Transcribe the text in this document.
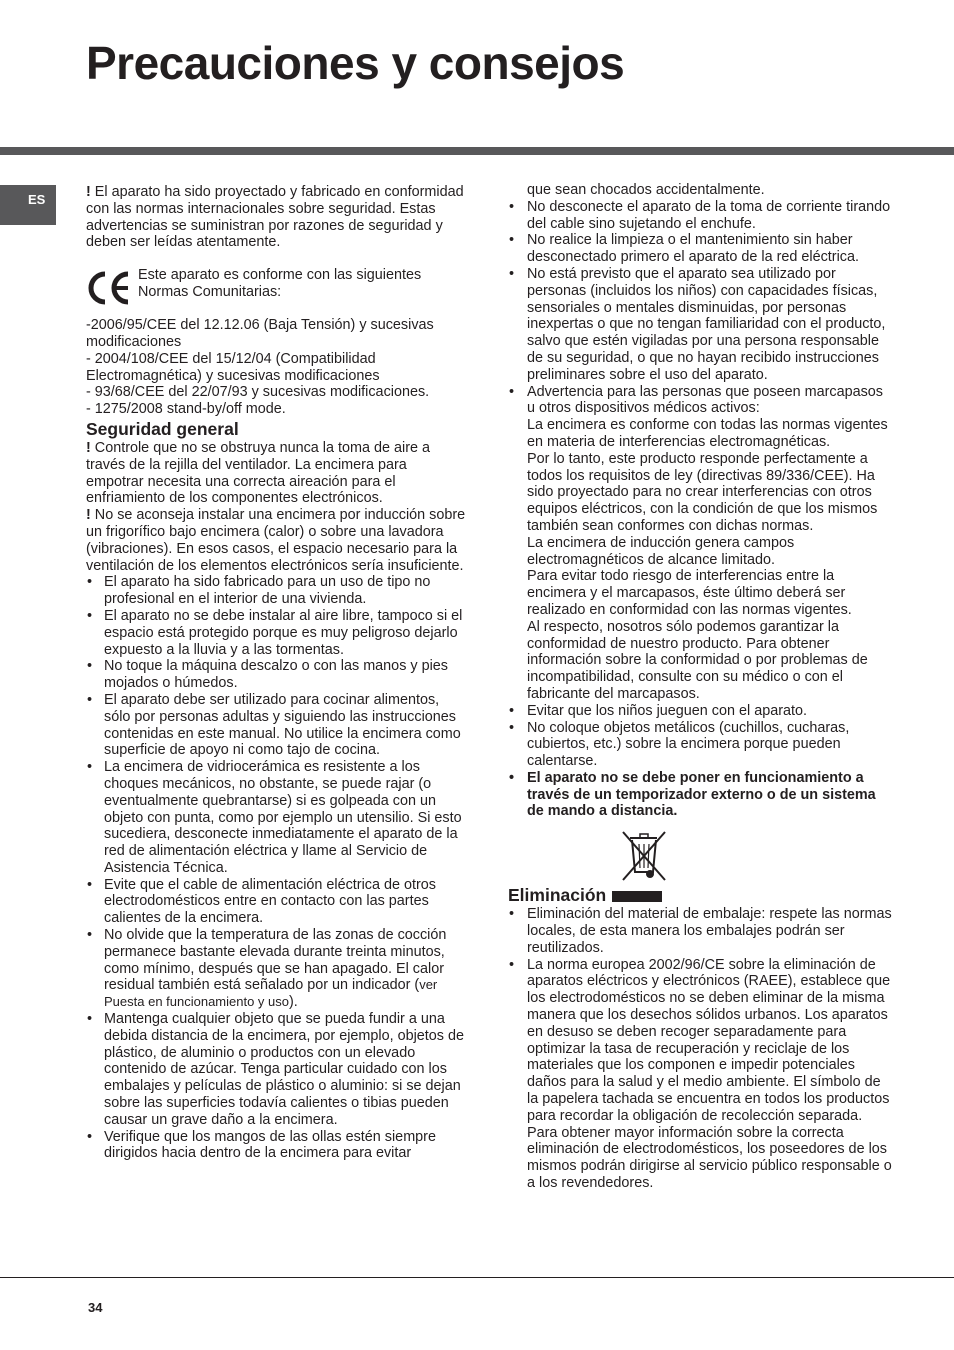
Precauciones y consejos
ES	! El aparato ha sido proyectado y fabricado en conformidad con las normas internacionales sobre seguridad. Estas advertencias se suministran por razones de seguridad y deben ser leídas atentamente.

Este aparato es conforme con las siguientes Normas Comunitarias:

-2006/95/CEE del 12.12.06 (Baja Tensión) y sucesivas modificaciones

- 2004/108/CEE del 15/12/04 (Compatibilidad Electromagnética) y sucesivas modificaciones

- 93/68/CEE del 22/07/93 y sucesivas modificaciones.

- 1275/2008 stand-by/off mode.

Seguridad general

! Controle que no se obstruya nunca la toma de aire a través de la rejilla del ventilador. La encimera para empotrar necesita una correcta aireación para el enfriamiento de los componentes electrónicos.

! No se aconseja instalar una encimera por inducción sobre un frigorífico bajo encimera (calor) o sobre una lavadora (vibraciones). En esos casos, el espacio necesario para la ventilación de los elementos electrónicos sería insuficiente.

• El aparato ha sido fabricado para un uso de tipo no profesional en el interior de una vivienda.
• El aparato no se debe instalar al aire libre, tampoco si el espacio está protegido porque es muy peligroso dejarlo expuesto a la lluvia y a las tormentas.
• No toque la máquina descalzo o con las manos y pies mojados o húmedos.
• El aparato debe ser utilizado para cocinar alimentos, sólo por personas adultas y siguiendo las instrucciones contenidas en este manual. No utilice la encimera como superficie de apoyo ni como tajo de cocina.
• La encimera de vidriocerámica es resistente a los choques mecánicos, no obstante, se puede rajar (o eventualmente quebrantarse) si es golpeada con un objeto con punta, como por ejemplo un utensilio. Si esto sucediera, desconecte inmediatamente el aparato de la red de alimentación eléctrica y llame al Servicio de Asistencia Técnica.
• Evite que el cable de alimentación eléctrica de otros electrodomésticos entre en contacto con las partes calientes de la encimera.
• No olvide que la temperatura de las zonas de cocción permanece bastante elevada durante treinta minutos, como mínimo, después que se han apagado. El calor residual también está señalado por un indicador (ver Puesta en funcionamiento y uso).
• Mantenga cualquier objeto que se pueda fundir a una debida distancia de la encimera, por ejemplo, objetos de plástico, de aluminio o productos con un elevado contenido de azúcar. Tenga particular cuidado con los embalajes y películas de plástico o aluminio: si se dejan sobre las superficies todavía calientes o tibias pueden causar un grave daño a la encimera.
• Verifique que los mangos de las ollas estén siempre dirigidos hacia dentro de la encimera para evitar
que sean chocados accidentalmente.
• No desconecte el aparato de la toma de corriente tirando del cable sino sujetando el enchufe.
• No realice la limpieza o el mantenimiento sin haber desconectado primero el aparato de la red eléctrica.
• No está previsto que el aparato sea utilizado por personas (incluidos los niños) con capacidades físicas, sensoriales o mentales disminuidas, por personas inexpertas o que no tengan familiaridad con el producto, salvo que estén vigiladas por una persona responsable de su seguridad, o que no hayan recibido instrucciones preliminares sobre el uso del aparato.
• Advertencia para las personas que poseen marcapasos u otros dispositivos médicos activos:
La encimera es conforme con todas las normas vigentes en materia de interferencias electromagnéticas.
Por lo tanto, este producto responde perfectamente a todos los requisitos de ley (directivas 89/336/CEE). Ha sido proyectado para no crear interferencias con otros equipos eléctricos, con la condición de que los mismos también sean conformes con dichas normas.
La encimera de inducción genera campos electromagnéticos de alcance limitado.
Para evitar todo riesgo de interferencias entre la encimera y el marcapasos, éste último deberá ser realizado en conformidad con las normas vigentes.
Al respecto, nosotros sólo podemos garantizar la conformidad de nuestro producto. Para obtener información sobre la conformidad o por problemas de incompatibilidad, consulte con su médico o con el fabricante del marcapasos.
• Evitar que los niños jueguen con el aparato.
• No coloque objetos metálicos (cuchillos, cucharas, cubiertos, etc.) sobre la encimera porque pueden calentarse.
• El aparato no se debe poner en funcionamiento a través de un temporizador externo o de un sistema de mando a distancia.
Eliminación
• Eliminación del material de embalaje: respete las normas locales, de esta manera los embalajes podrán ser reutilizados.
• La norma europea 2002/96/CE sobre la eliminación de aparatos eléctricos y electrónicos (RAEE), establece que los electrodomésticos no se deben eliminar de la misma manera que los desechos sólidos urbanos. Los aparatos en desuso se deben recoger separadamente para optimizar la tasa de recuperación y reciclaje de los materiales que los componen e impedir potenciales daños para la salud y el medio ambiente. El símbolo de la papelera tachada se encuentra en todos los productos para recordar la obligación de recolección separada.
Para obtener mayor información sobre la correcta eliminación de electrodomésticos, los poseedores de los mismos podrán dirigirse al servicio público responsable o a los revendedores.
34
